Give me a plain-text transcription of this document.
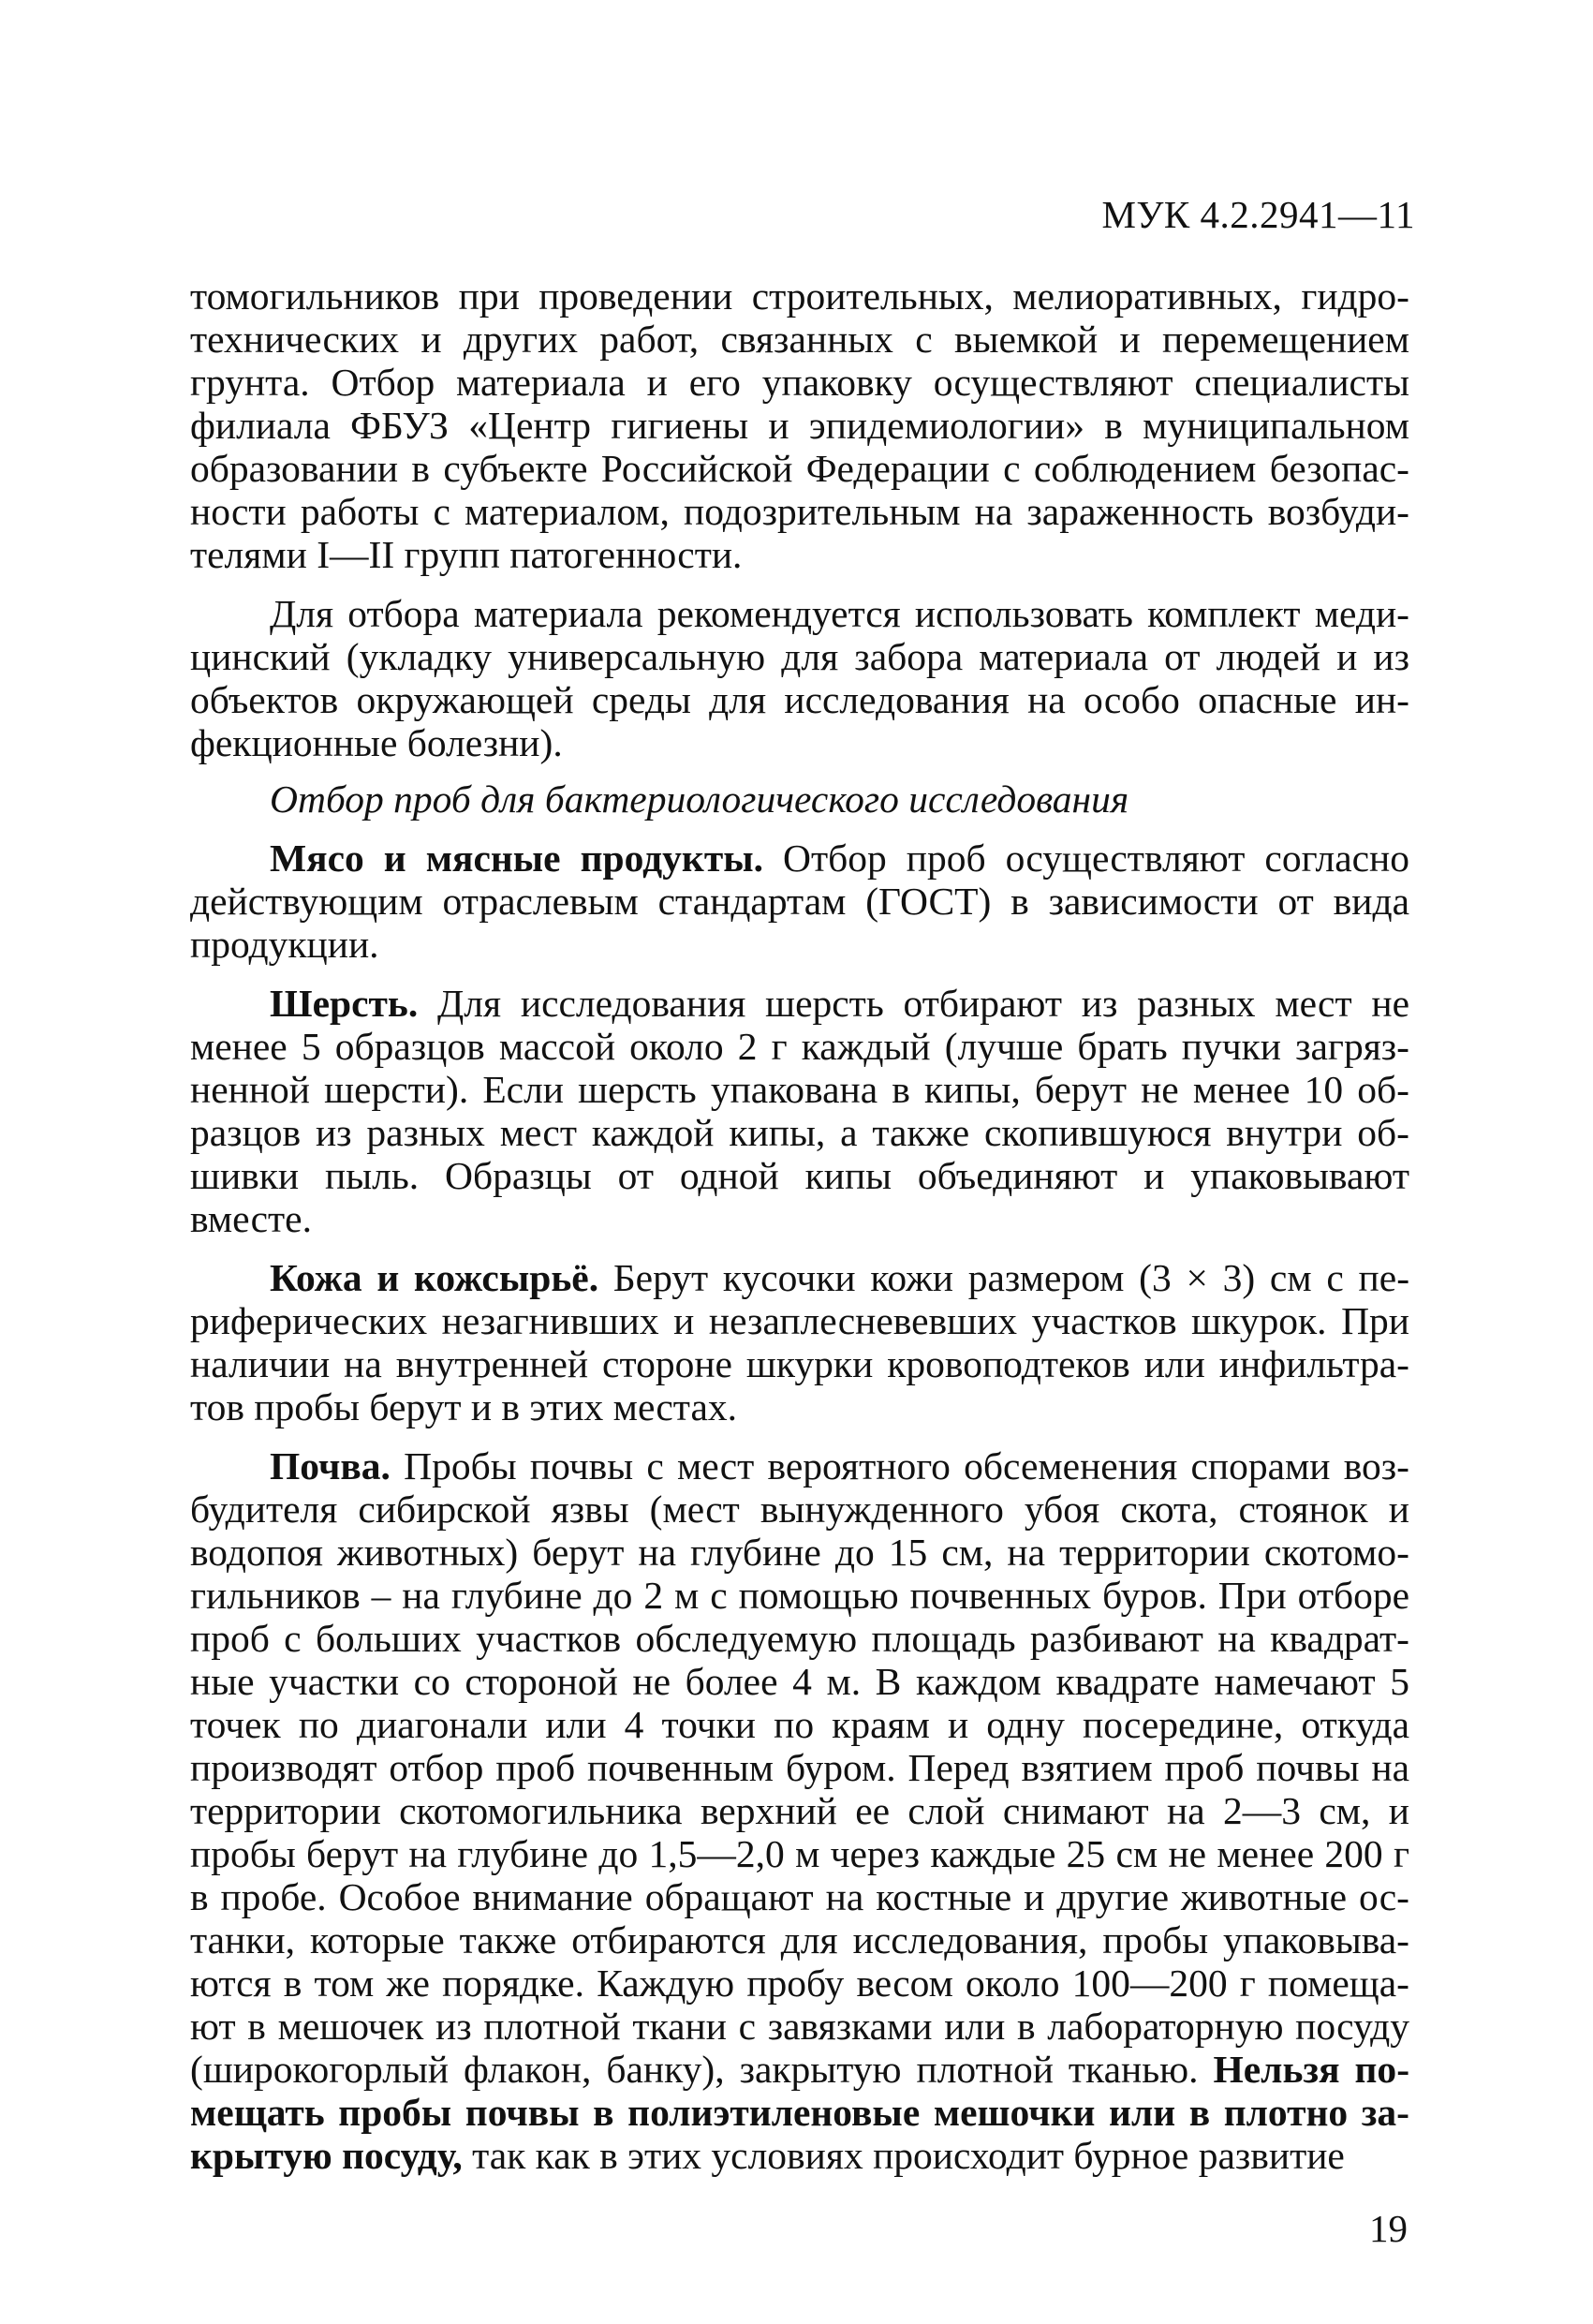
МУК 4.2.2941—11

томогильников при проведении строительных, мелиоративных, гидротехнических и других работ, связанных с выемкой и перемещением грунта. Отбор материала и его упаковку осуществляют специалисты филиала ФБУЗ «Центр гигиены и эпидемиологии» в муниципальном образовании в субъекте Российской Федерации с соблюдением безопасности работы с материалом, подозрительным на зараженность возбудителями I—II групп патогенности.

Для отбора материала рекомендуется использовать комплект медицинский (укладку универсальную для забора материала от людей и из объектов окружающей среды для исследования на особо опасные инфекционные болезни).

Отбор проб для бактериологического исследования

Мясо и мясные продукты. Отбор проб осуществляют согласно действующим отраслевым стандартам (ГОСТ) в зависимости от вида продукции.

Шерсть. Для исследования шерсть отбирают из разных мест не менее 5 образцов массой около 2 г каждый (лучше брать пучки загрязненной шерсти). Если шерсть упакована в кипы, берут не менее 10 образцов из разных мест каждой кипы, а также скопившуюся внутри обшивки пыль. Образцы от одной кипы объединяют и упаковывают вместе.

Кожа и кожсырьё. Берут кусочки кожи размером (3 × 3) см с периферических незагнивших и незаплесневевших участков шкурок. При наличии на внутренней стороне шкурки кровоподтеков или инфильтратов пробы берут и в этих местах.

Почва. Пробы почвы с мест вероятного обсеменения спорами возбудителя сибирской язвы (мест вынужденного убоя скота, стоянок и водопоя животных) берут на глубине до 15 см, на территории скотомогильников – на глубине до 2 м с помощью почвенных буров. При отборе проб с больших участков обследуемую площадь разбивают на квадратные участки со стороной не более 4 м. В каждом квадрате намечают 5 точек по диагонали или 4 точки по краям и одну посередине, откуда производят отбор проб почвенным буром. Перед взятием проб почвы на территории скотомогильника верхний ее слой снимают на 2—3 см, и пробы берут на глубине до 1,5—2,0 м через каждые 25 см не менее 200 г в пробе. Особое внимание обращают на костные и другие животные останки, которые также отбираются для исследования, пробы упаковываются в том же порядке. Каждую пробу весом около 100—200 г помещают в мешочек из плотной ткани с завязками или в лабораторную посуду (широкогорлый флакон, банку), закрытую плотной тканью. Нельзя помещать пробы почвы в полиэтиленовые мешочки или в плотно закрытую посуду, так как в этих условиях происходит бурное развитие

19
